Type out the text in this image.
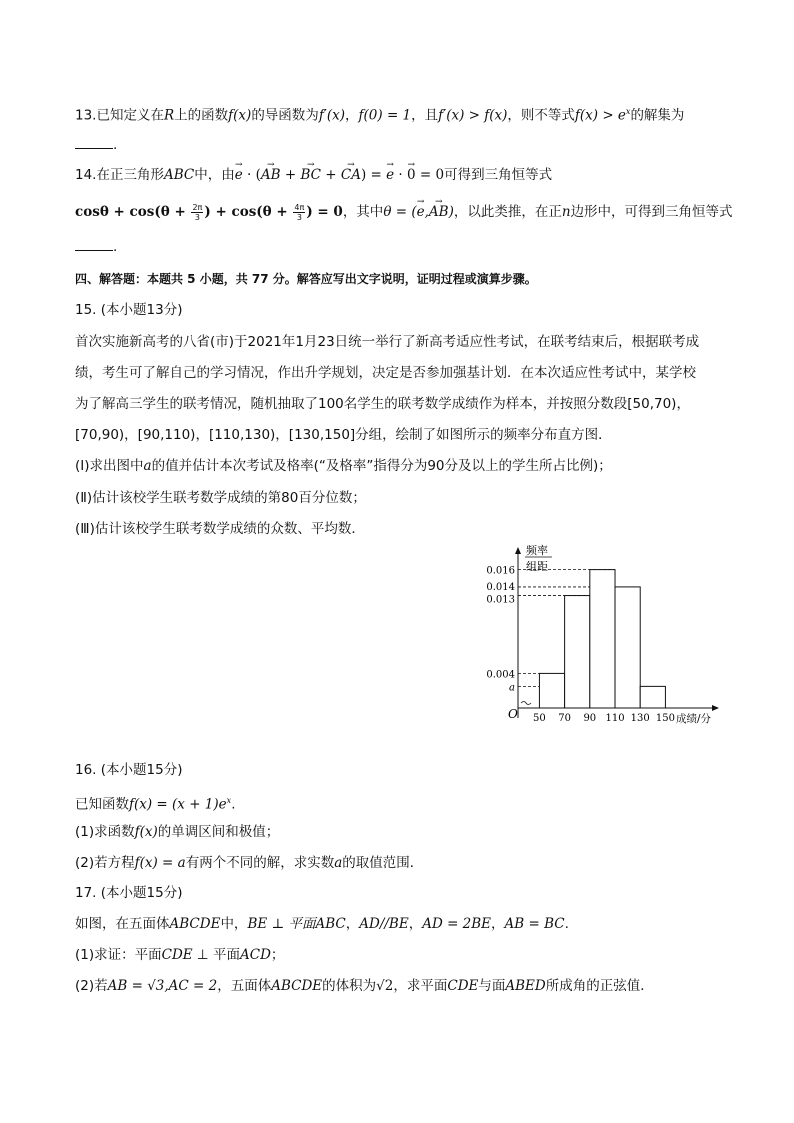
13.已知定义在R上的函数f(x)的导函数为f′(x)，f(0) = 1，且f′(x) > f(x)，则不等式$f(x) > e^x$的解集为
.
14.在正三角形ABC中，由→ e · (→ AB + → BC + → CA) = → e · → 0 = 0可得到三角恒等式
$\cos\theta + \cos(\theta + \frac{2\pi}{3}$ ) + $\cos(\theta + \frac{4\pi}{3}$ ) = 0，其中θ = (→ e,→ AB)，以此类推，在正n边形中，可得到三角恒等式
.
四、解答题：本题共 5 小题，共 77 分。解答应写出文字说明，证明过程或演算步骤。
15. (本小题13分)
首次实施新高考的八省(市)于2021年1月23日统一举行了新高考适应性考试，在联考结束后，根据联考成
绩，考生可了解自己的学习情况，作出升学规划，决定是否参加强基计划．在本次适应性考试中，某学校
为了解高三学生的联考情况，随机抽取了100名学生的联考数学成绩作为样本，并按照分数段[50,70)，
[70,90)，[90,110)，[110,130)，[130,150]分组，绘制了如图所示的频率分布直方图．
(Ⅰ)求出图中a的值并估计本次考试及格率(“及格率”指得分为90分及以上的学生所占比例)；
(Ⅱ)估计该校学生联考数学成绩的第80百分位数；
(Ⅲ)估计该校学生联考数学成绩的众数、平均数．
频率
组距
O	成绩/分
50 70 90 110 130 150
0.016
0.014
0.013
0.004
a
16. (本小题15分)
已知函数$f(x) = (x + 1)e^x$.
(1)求函数f(x)的单调区间和极值；
(2)若方程f(x) = a有两个不同的解，求实数a的取值范围．
17. (本小题15分)
如图，在五面体ABCDE中，BE ⊥ 平面ABC，AD//BE，AD = 2BE，AB = BC.
(1)求证：平面CDE ⊥ 平面ACD；
(2)若AB = √3,AC = 2，五面体ABCDE的体积为√2，求平面CDE与面ABED所成角的正弦值．
